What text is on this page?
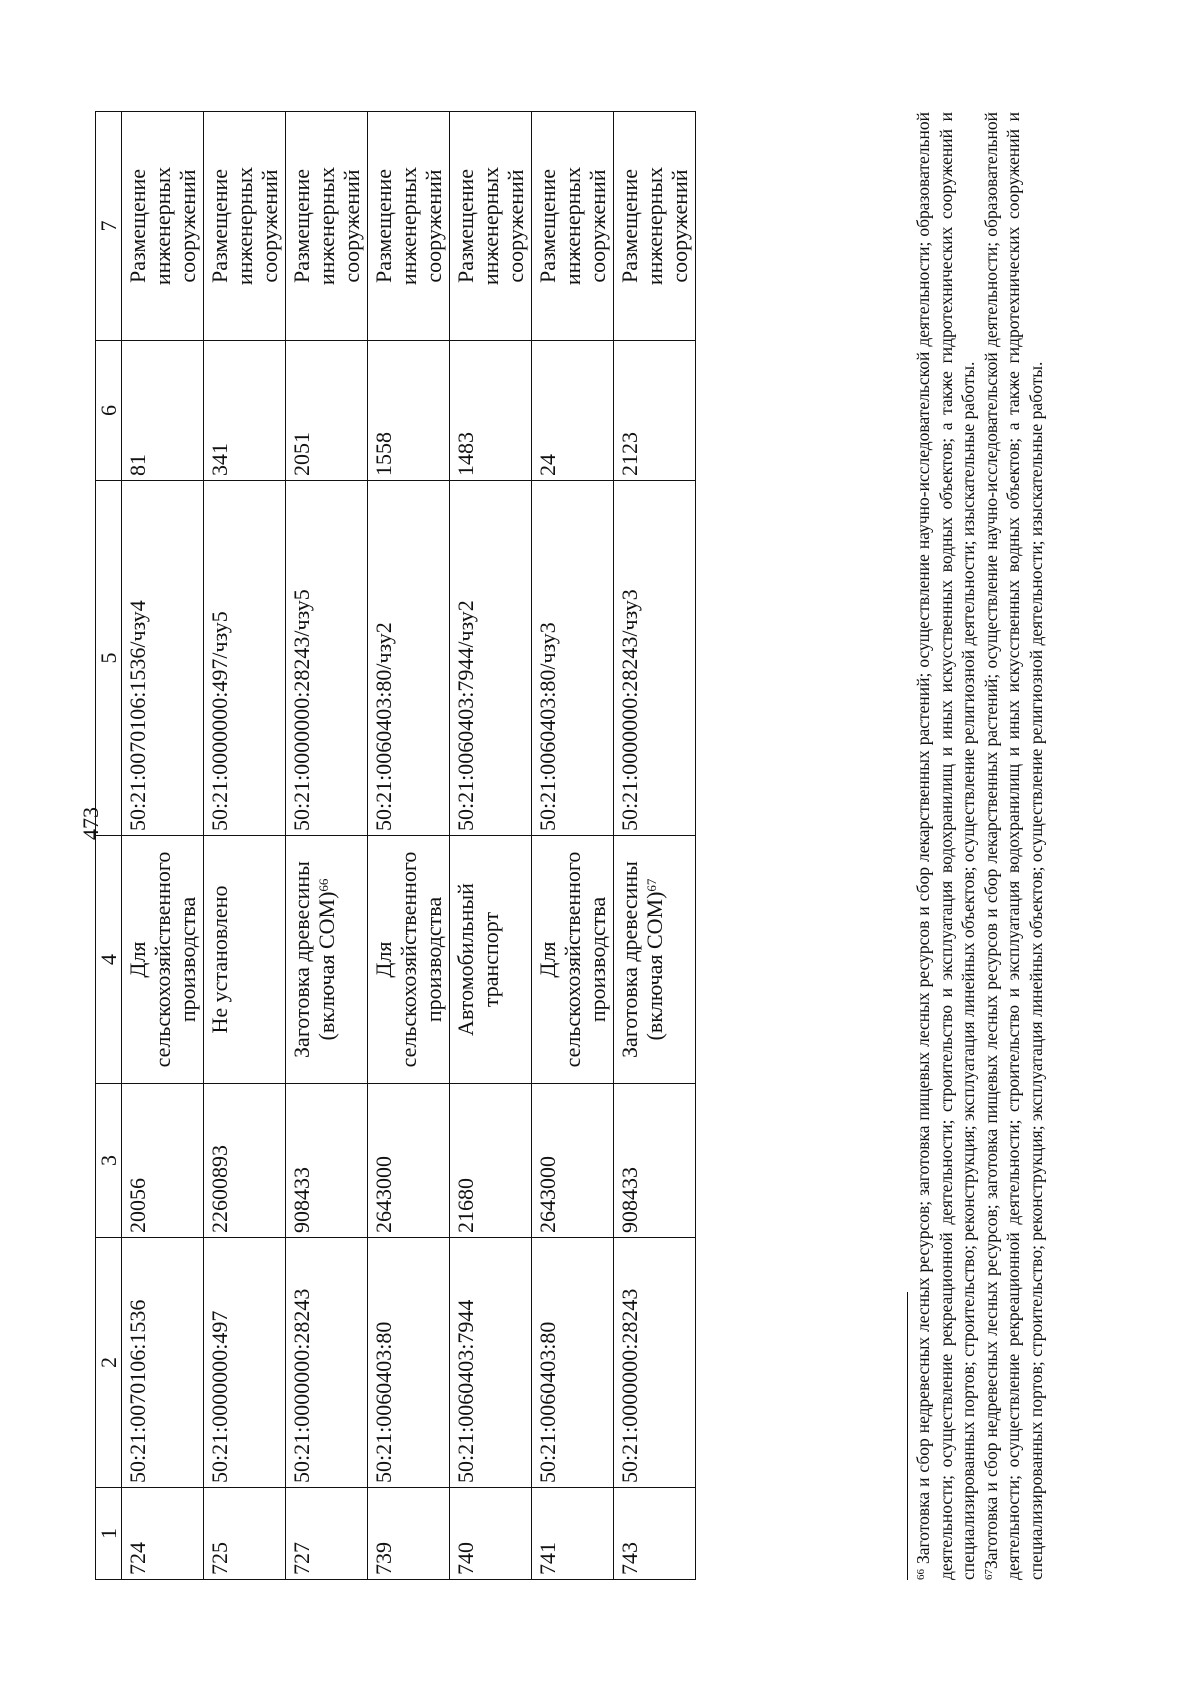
473
1	2	3	4	5	6	7
724	50:21:0070106:1536	20056	Для сельскохозяйственного производства	50:21:0070106:1536/чзу4	81	Размещение инженерных сооружений
725	50:21:0000000:497	22600893	Не установлено	50:21:0000000:497/чзу5	341	Размещение инженерных сооружений
727	50:21:0000000:28243	908433	Заготовка древесины (включая СОМ)$^{66}$	50:21:0000000:28243/чзу5	2051	Размещение инженерных сооружений
739	50:21:0060403:80	2643000	Для сельскохозяйственного производства	50:21:0060403:80/чзу2	1558	Размещение инженерных сооружений
740	50:21:0060403:7944	21680	Автомобильный транспорт	50:21:0060403:7944/чзу2	1483	Размещение инженерных сооружений
741	50:21:0060403:80	2643000	Для сельскохозяйственного производства	50:21:0060403:80/чзу3	24	Размещение инженерных сооружений
743	50:21:0000000:28243	908433	Заготовка древесины (включая СОМ)$^{67}$	50:21:0000000:28243/чзу3	2123	Размещение инженерных сооружений

$^{66}$ Заготовка и сбор недревесных лесных ресурсов; заготовка пищевых лесных ресурсов и сбор лекарственных растений; осуществление научно-исследовательской деятельности; образовательной деятельности; осуществление рекреационной деятельности; строительство и эксплуатация водохранилищ и иных искусственных водных объектов; а также гидротехнических сооружений и специализированных портов; строительство; реконструкция; эксплуатация линейных объектов; осуществление религиозной деятельности; изыскательные работы. $^{67}$Заготовка и сбор недревесных лесных ресурсов; заготовка пищевых лесных ресурсов и сбор лекарственных растений; осуществление научно-исследовательской деятельности; образовательной деятельности; осуществление рекреационной деятельности; строительство и эксплуатация водохранилищ и иных искусственных водных объектов; а также гидротехнических сооружений и специализированных портов; строительство; реконструкция; эксплуатация линейных объектов; осуществление религиозной деятельности; изыскательные работы.
